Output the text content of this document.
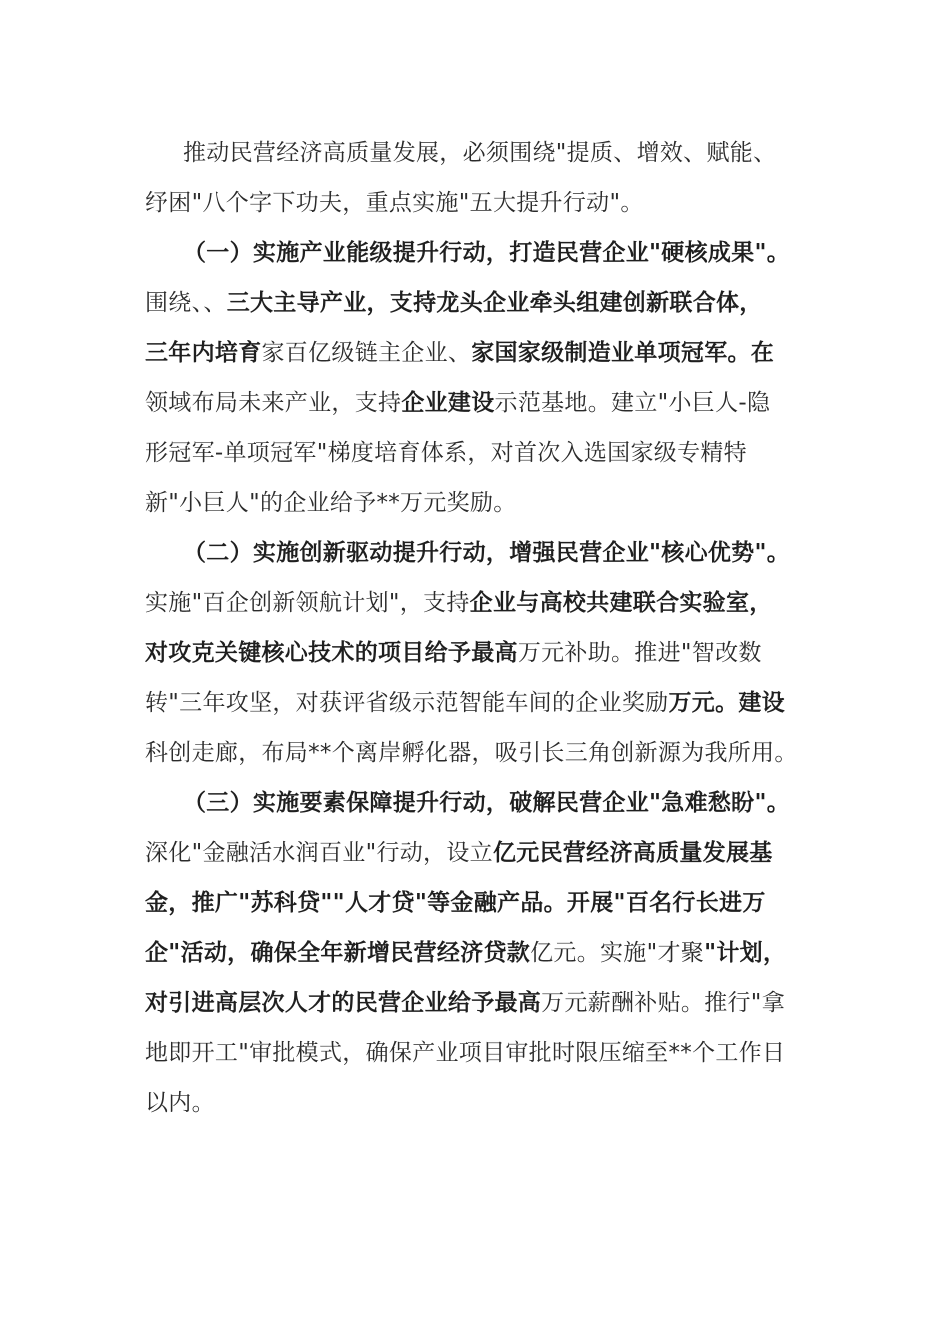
推动民营经济高质量发展，必须围绕"提质、增效、赋能、
纾困"八个字下功夫，重点实施"五大提升行动"。
（一）实施产业能级提升行动，打造民营企业"硬核成果"。
围绕、、三大主导产业，支持龙头企业牵头组建创新联合体，
三年内培育家百亿级链主企业、家国家级制造业单项冠军。在
领域布局未来产业，支持企业建设示范基地。建立"小巨人-隐
形冠军-单项冠军"梯度培育体系，对首次入选国家级专精特
新"小巨人"的企业给予**万元奖励。
（二）实施创新驱动提升行动，增强民营企业"核心优势"。
实施"百企创新领航计划"，支持企业与高校共建联合实验室，
对攻克关键核心技术的项目给予最高万元补助。推进"智改数
转"三年攻坚，对获评省级示范智能车间的企业奖励万元。建设
科创走廊，布局**个离岸孵化器，吸引长三角创新源为我所用。
（三）实施要素保障提升行动，破解民营企业"急难愁盼"。
深化"金融活水润百业"行动，设立亿元民营经济高质量发展基
金，推广"苏科贷""人才贷"等金融产品。开展"百名行长进万
企"活动，确保全年新增民营经济贷款亿元。实施"才聚"计划，
对引进高层次人才的民营企业给予最高万元薪酬补贴。推行"拿
地即开工"审批模式，确保产业项目审批时限压缩至**个工作日
以内。
